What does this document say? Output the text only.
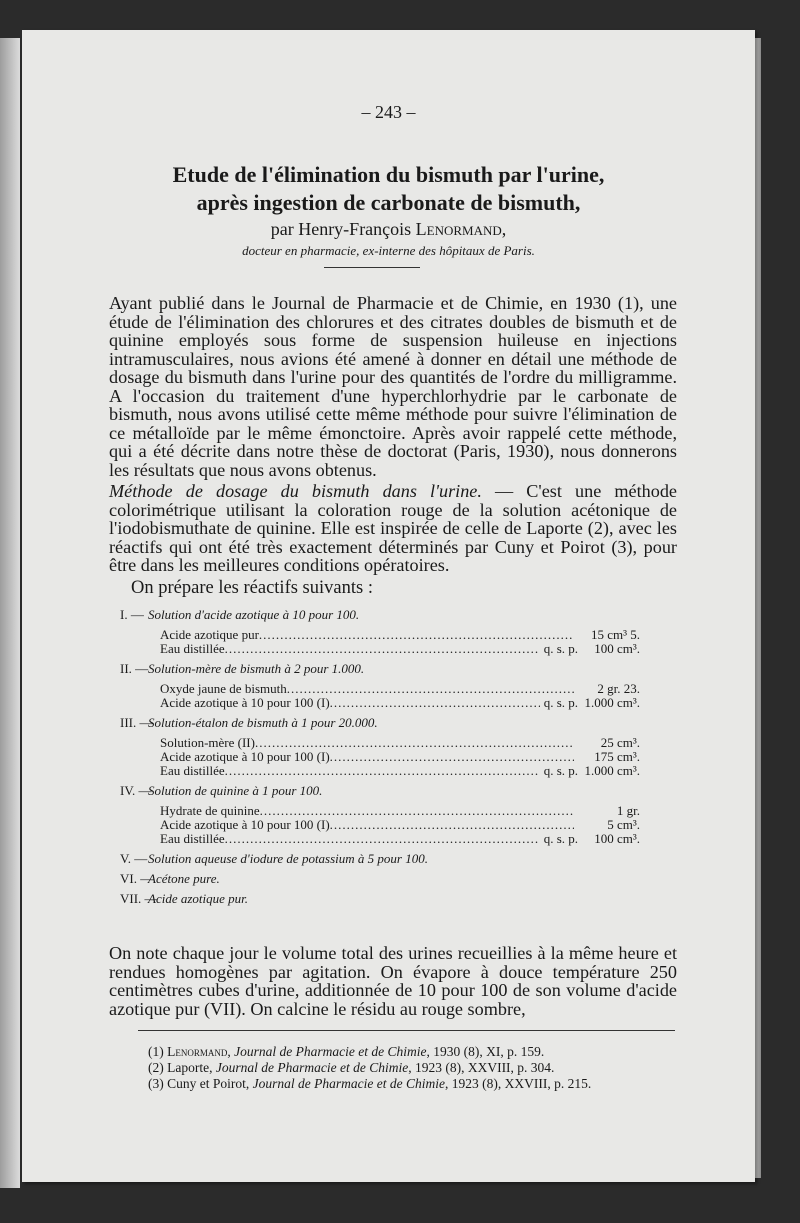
– 243 –
Etude de l'élimination du bismuth par l'urine,
après ingestion de carbonate de bismuth,
par Henry-François Lenormand,
docteur en pharmacie, ex-interne des hôpitaux de Paris.
Ayant publié dans le Journal de Pharmacie et de Chimie, en 1930 (1), une étude de l'élimination des chlorures et des citrates doubles de bismuth et de quinine employés sous forme de suspension huileuse en injections intramusculaires, nous avions été amené à donner en détail une méthode de dosage du bismuth dans l'urine pour des quantités de l'ordre du milligramme. A l'occasion du traitement d'une hyperchlorhydrie par le carbonate de bismuth, nous avons utilisé cette même méthode pour suivre l'élimination de ce métalloïde par le même émonctoire. Après avoir rappelé cette méthode, qui a été décrite dans notre thèse de doctorat (Paris, 1930), nous donnerons les résultats que nous avons obtenus.
Méthode de dosage du bismuth dans l'urine. — C'est une méthode colorimétrique utilisant la coloration rouge de la solution acétonique de l'iodobismuthate de quinine. Elle est inspirée de celle de Laporte (2), avec les réactifs qui ont été très exactement déterminés par Cuny et Poirot (3), pour être dans les meilleures conditions opératoires.
On prépare les réactifs suivants :
I. — Solution d'acide azotique à 10 pour 100.
Acide azotique pur .....	15 cm³ 5.
Eau distillée .....	q. s. p.	100 cm³.
II. —Solution-mère de bismuth à 2 pour 1.000.
Oxyde jaune de bismuth .....	2 gr. 23.
Acide azotique à 10 pour 100 (I) .....	q. s. p. 1.000 cm³.
III. —Solution-étalon de bismuth à 1 pour 20.000.
Solution-mère (II) .....	25 cm³.
Acide azotique à 10 pour 100 (I) .....	175 cm³.
Eau distillée .....	q. s. p. 1.000 cm³.
IV. —Solution de quinine à 1 pour 100.
Hydrate de quinine .....	1 gr.
Acide azotique à 10 pour 100 (I) .....	5 cm³.
Eau distillée .....	q. s. p.	100 cm³.
V. —Solution aqueuse d'iodure de potassium à 5 pour 100.
VI. —Acétone pure.
VII. —Acide azotique pur.
On note chaque jour le volume total des urines recueillies à la même heure et rendues homogènes par agitation. On évapore à douce température 250 centimètres cubes d'urine, additionnée de 10 pour 100 de son volume d'acide azotique pur (VII). On calcine le résidu au rouge sombre,
(1) Lenormand, Journal de Pharmacie et de Chimie, 1930 (8), XI, p. 159.
(2) Laporte, Journal de Pharmacie et de Chimie, 1923 (8), XXVIII, p. 304.
(3) Cuny et Poirot, Journal de Pharmacie et de Chimie, 1923 (8), XXVIII, p. 215.
